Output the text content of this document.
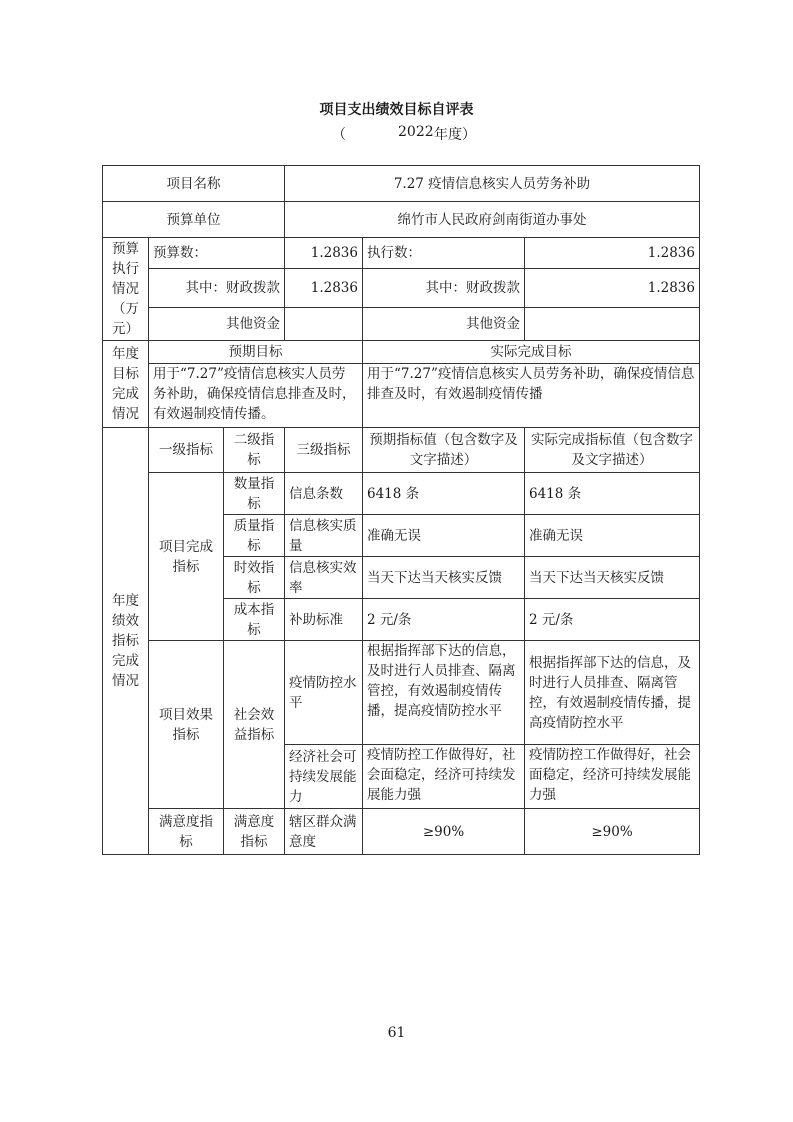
项目支出绩效目标自评表
（	2022 年度）
项目名称			7.27 疫情信息核实人员劳务补助		
预算单位			绵竹市人民政府剑南街道办事处		
预算执行情况（万元）	预算数：		1.2836	执行数：	1.2836
	其中：财政拨款		1.2836	其中：财政拨款	1.2836
	其他资金			其他资金	
年度目标完成情况	预期目标			实际完成目标	
	用于“7.27”疫情信息核实人员劳务补助，确保疫情信息排查及时，有效遏制疫情传播。			用于“7.27”疫情信息核实人员劳务补助，确保疫情信息排查及时，有效遏制疫情传播	
年度绩效指标完成情况	一级指标	二级指标	三级指标	预期指标值（包含数字及文字描述）	实际完成指标值（包含数字及文字描述）
	项目完成指标	数量指标	信息条数	6418 条	6418 条
		质量指标	信息核实质量	准确无误	准确无误
		时效指标	信息核实效率	当天下达当天核实反馈	当天下达当天核实反馈
		成本指标	补助标准	2 元/条	2 元/条
	项目效果指标	社会效益指标	疫情防控水平	根据指挥部下达的信息，及时进行人员排查、隔离管控，有效遏制疫情传播，提高疫情防控水平	根据指挥部下达的信息，及时进行人员排查、隔离管控，有效遏制疫情传播，提高疫情防控水平
			经济社会可持续发展能力	疫情防控工作做得好，社会面稳定，经济可持续发展能力强	疫情防控工作做得好，社会面稳定，经济可持续发展能力强
	满意度指标	满意度指标	辖区群众满意度	≥90%	≥90%
61
